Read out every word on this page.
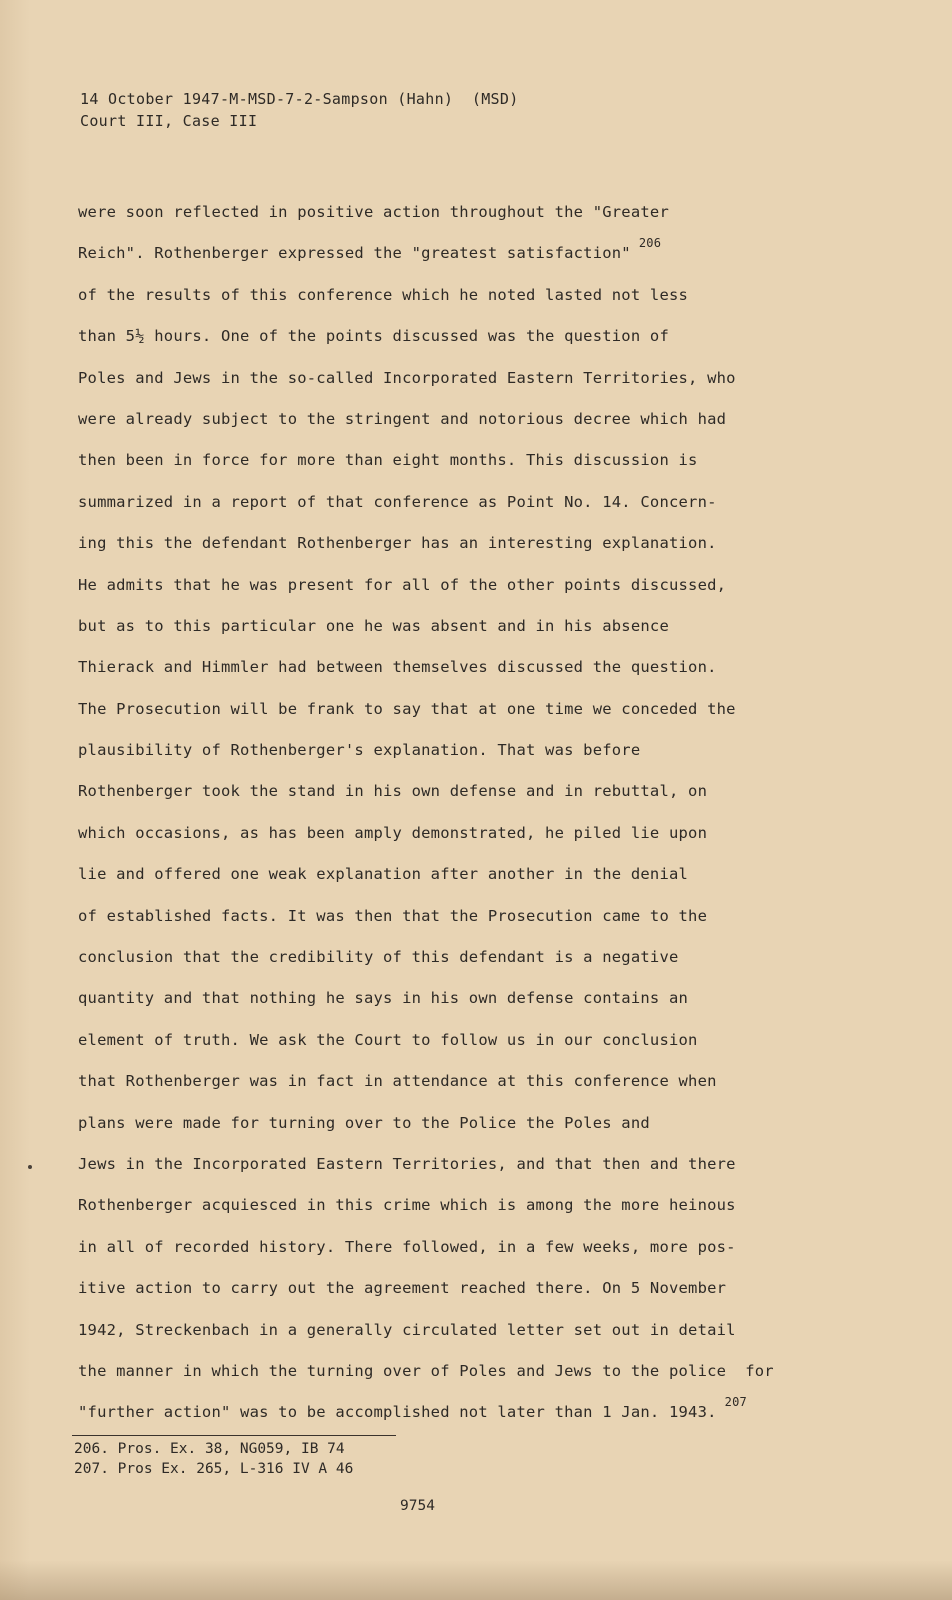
14 October 1947-M-MSD-7-2-Sampson (Hahn)  (MSD)
Court III, Case III
were soon reflected in positive action throughout the "Greater
Reich". Rothenberger expressed the "greatest satisfaction"
206
of the results of this conference which he noted lasted not less
than 5½ hours. One of the points discussed was the question of
Poles and Jews in the so-called Incorporated Eastern Territories, who
were already subject to the stringent and notorious decree which had
then been in force for more than eight months. This discussion is
summarized in a report of that conference as Point No. 14. Concern-
ing this the defendant Rothenberger has an interesting explanation.
He admits that he was present for all of the other points discussed,
but as to this particular one he was absent and in his absence
Thierack and Himmler had between themselves discussed the question.
The Prosecution will be frank to say that at one time we conceded the
plausibility of Rothenberger's explanation. That was before
Rothenberger took the stand in his own defense and in rebuttal, on
which occasions, as has been amply demonstrated, he piled lie upon
lie and offered one weak explanation after another in the denial
of established facts. It was then that the Prosecution came to the
conclusion that the credibility of this defendant is a negative
quantity and that nothing he says in his own defense contains an
element of truth. We ask the Court to follow us in our conclusion
that Rothenberger was in fact in attendance at this conference when
plans were made for turning over to the Police the Poles and
Jews in the Incorporated Eastern Territories, and that then and there
Rothenberger acquiesced in this crime which is among the more heinous
in all of recorded history. There followed, in a few weeks, more pos-
itive action to carry out the agreement reached there. On 5 November
1942, Streckenbach in a generally circulated letter set out in detail
the manner in which the turning over of Poles and Jews to the police  for
"further action" was to be accomplished not later than 1 Jan. 1943.
207
206. Pros. Ex. 38, NG059, IB 74
207. Pros Ex. 265, L-316 IV A 46
9754
